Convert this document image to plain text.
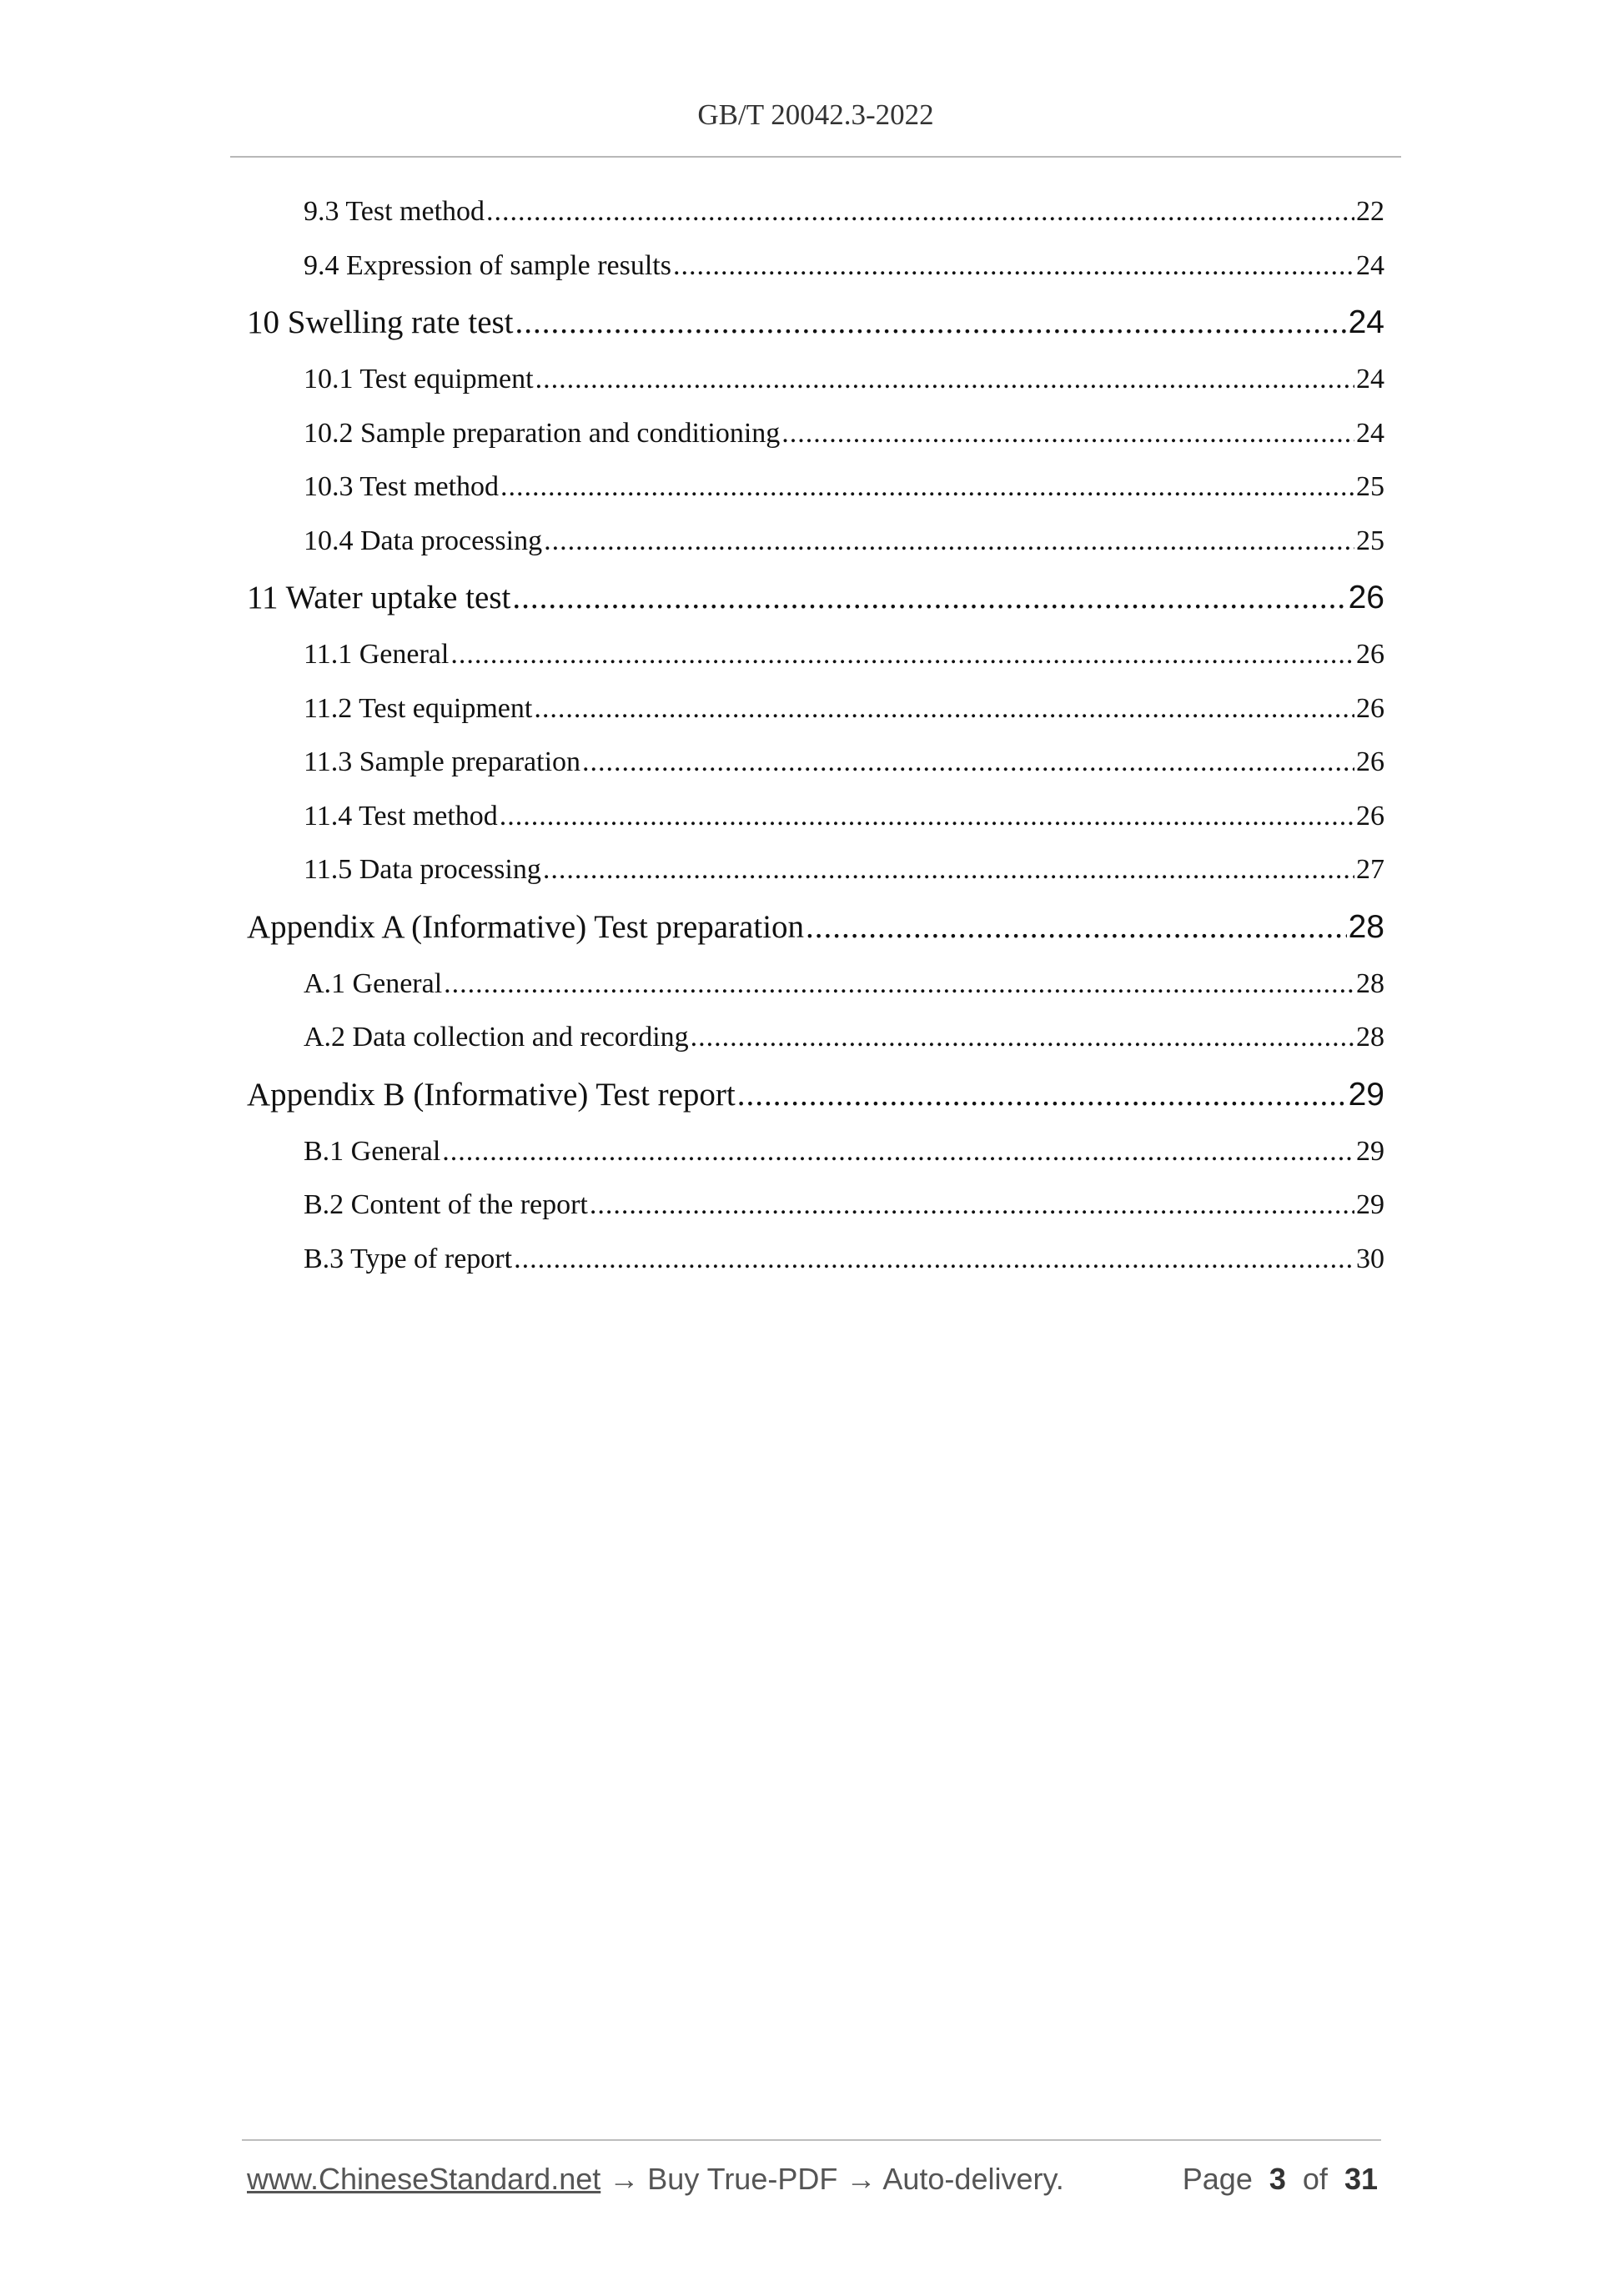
GB/T 20042.3-2022
9.3 Test method .....	22
9.4 Expression of sample results .....	24
10 Swelling rate test .....	24
10.1 Test equipment .....	24
10.2 Sample preparation and conditioning .....	24
10.3 Test method .....	25
10.4 Data processing .....	25
11 Water uptake test .....	26
11.1 General .....	26
11.2 Test equipment .....	26
11.3 Sample preparation .....	26
11.4 Test method .....	26
11.5 Data processing .....	27
Appendix A (Informative) Test preparation .....	28
A.1 General .....	28
A.2 Data collection and recording .....	28
Appendix B (Informative) Test report .....	29
B.1 General .....	29
B.2 Content of the report .....	29
B.3 Type of report .....	30
www.ChineseStandard.net → Buy True-PDF → Auto-delivery.	Page 3 of 31
